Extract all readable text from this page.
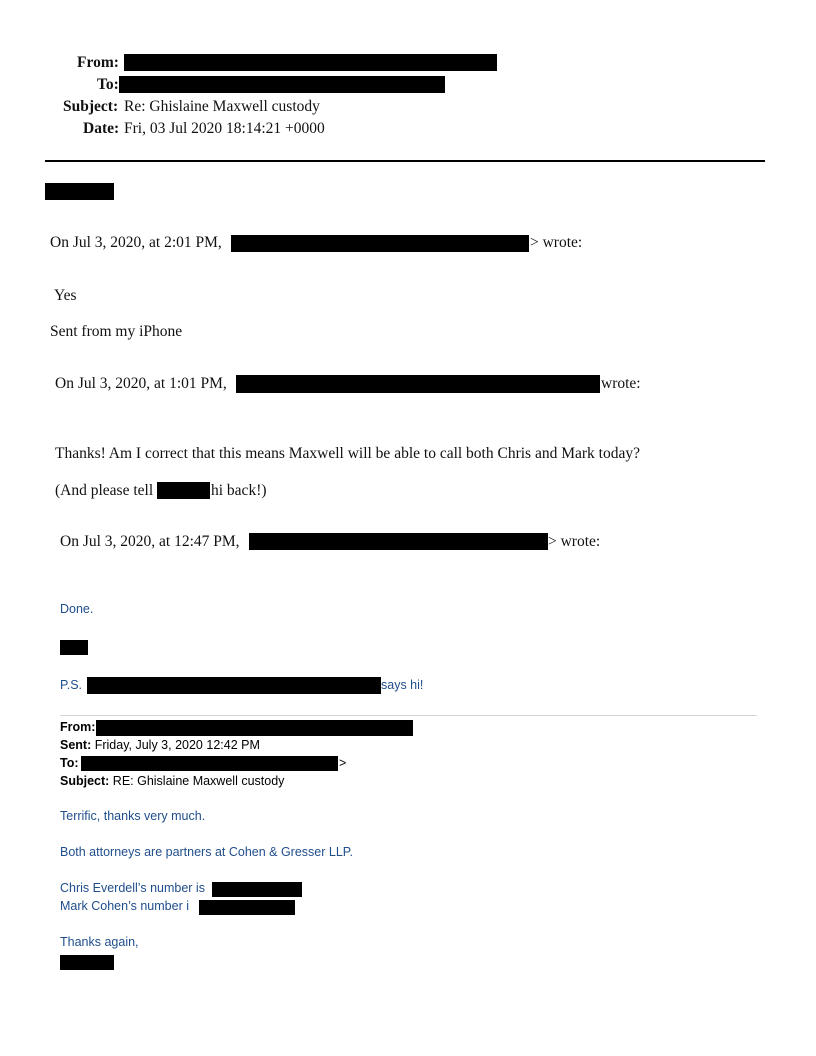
From:
To:
Subject: Re: Ghislaine Maxwell custody
Date: Fri, 03 Jul 2020 18:14:21 +0000
On Jul 3, 2020, at 2:01 PM,	> wrote:
Yes
Sent from my iPhone
On Jul 3, 2020, at 1:01 PM,	wrote:
Thanks! Am I correct that this means Maxwell will be able to call both Chris and Mark today?
(And please tell	hi back!)
On Jul 3, 2020, at 12:47 PM,	> wrote:
Done.
P.S.	says hi!
From:
Sent: Friday, July 3, 2020 12:42 PM
To:	>
Subject: RE: Ghislaine Maxwell custody
Terrific, thanks very much.
Both attorneys are partners at Cohen & Gresser LLP.
Chris Everdell’s number is
Mark Cohen’s number i
Thanks again,
